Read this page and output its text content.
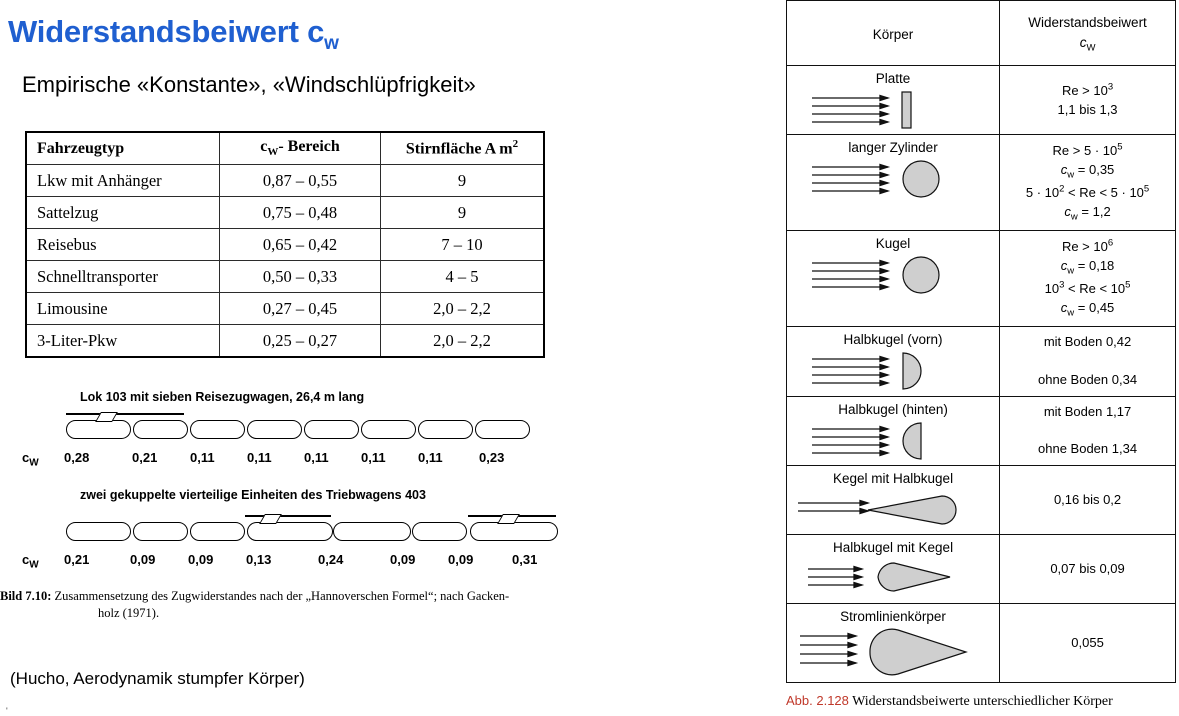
Widerstandsbeiwert $c_w$
Empirische «Konstante», «Windschlüpfrigkeit»
Fahrzeugtyp	$c_W-$ Bereich	Stirnfläche A $m^2$
Lkw mit Anhänger	0,87 – 0,55	9
Sattelzug	0,75 – 0,48	9
Reisebus	0,65 – 0,42	7 – 10
Schnelltransporter	0,50 – 0,33	4 – 5
Limousine	0,27 – 0,45	2,0 – 2,2
3-Liter-Pkw	0,25 – 0,27	2,0 – 2,2
Lok 103 mit sieben Reisezugwagen, 26,4 m lang
$c_W$ 0,28	0,21	0,11 0,11 0,11 0,11 0,11	0,23
zwei gekuppelte vierteilige Einheiten des Triebwagens 403
$c_W$ 0,21	0,09	0,09	0,13	0,24	0,09	0,09	0,31
Bild 7.10: Zusammensetzung des Zugwiderstandes nach der „Hannoverschen Formel“; nach Gacken-
holz (1971).
(Hucho, Aerodynamik stumpfer Körper)
'
Körper	Widerstandsbeiwert
$c_W$

Platte	$Re > 10^3$
1,1 bis 1,3

langer Zylinder	$Re > 5 \cdot 10^5$
$c_w = 0,35$
$5 \cdot 10^2 < Re < 5 \cdot 10^5$
$c_w = 1,2$

Kugel	$Re > 10^6$
$c_w = 0,18$
$10^3 < Re < 10^5$
$c_w = 0,45$

Halbkugel (vorn)	mit Boden 0,42

ohne Boden 0,34

Halbkugel (hinten)	mit Boden 1,17

ohne Boden 1,34

Kegel mit Halbkugel	0,16 bis 0,2

Halbkugel mit Kegel	0,07 bis 0,09

Stromlinienkörper	0,055
Abb. 2.128 Widerstandsbeiwerte unterschiedlicher Körper
